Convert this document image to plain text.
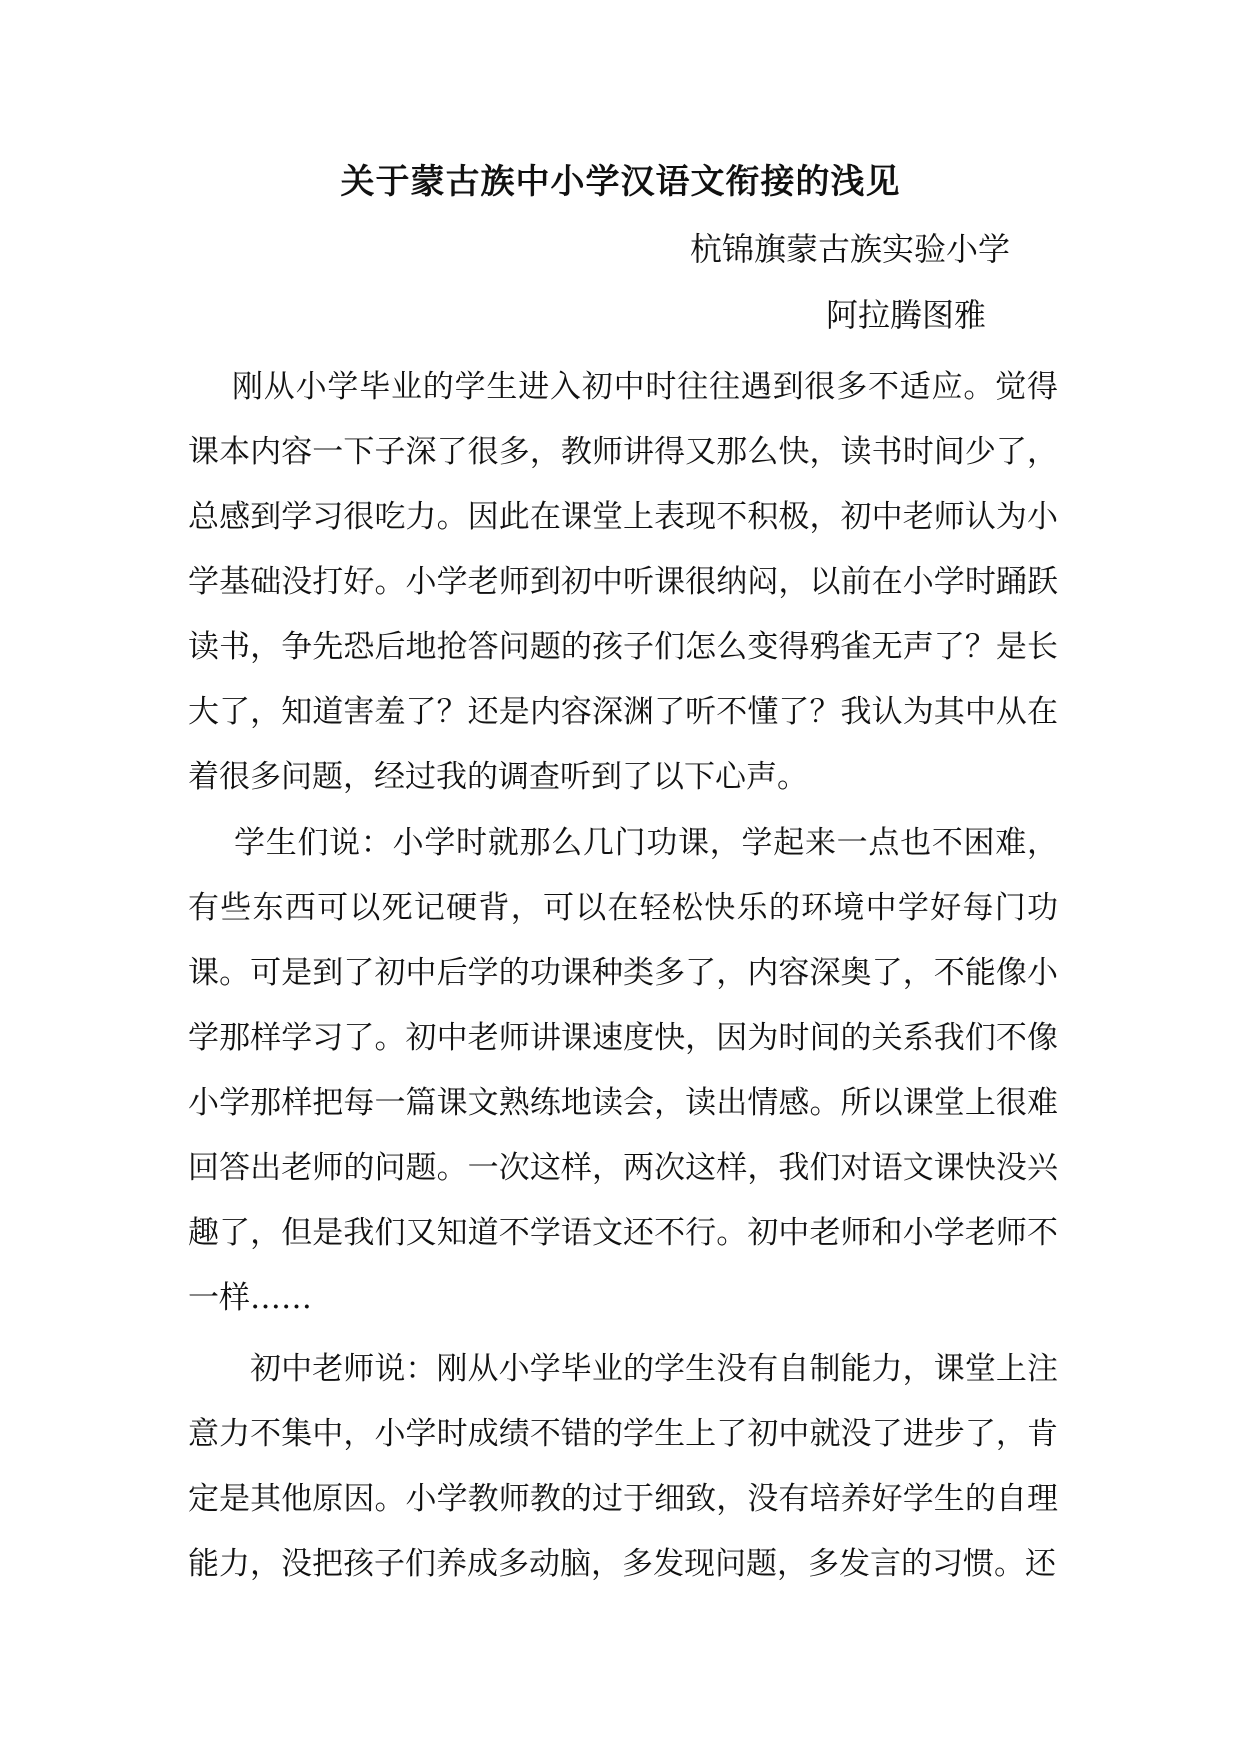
关于蒙古族中小学汉语文衔接的浅见
杭锦旗蒙古族实验小学
阿拉腾图雅

刚从小学毕业的学生进入初中时往往遇到很多不适应。觉得课本内容一下子深了很多，教师讲得又那么快，读书时间少了，总感到学习很吃力。因此在课堂上表现不积极，初中老师认为小学基础没打好。小学老师到初中听课很纳闷，以前在小学时踊跃读书，争先恐后地抢答问题的孩子们怎么变得鸦雀无声了？是长大了，知道害羞了？还是内容深渊了听不懂了？我认为其中从在着很多问题，经过我的调查听到了以下心声。

学生们说：小学时就那么几门功课，学起来一点也不困难，有些东西可以死记硬背，可以在轻松快乐的环境中学好每门功课。可是到了初中后学的功课种类多了，内容深奥了，不能像小学那样学习了。初中老师讲课速度快，因为时间的关系我们不像小学那样把每一篇课文熟练地读会，读出情感。所以课堂上很难回答出老师的问题。一次这样，两次这样，我们对语文课快没兴趣了，但是我们又知道不学语文还不行。初中老师和小学老师不一样……

初中老师说：刚从小学毕业的学生没有自制能力，课堂上注意力不集中，小学时成绩不错的学生上了初中就没了进步了，肯定是其他原因。小学教师教的过于细致，没有培养好学生的自理能力，没把孩子们养成多动脑，多发现问题，多发言的习惯。还
